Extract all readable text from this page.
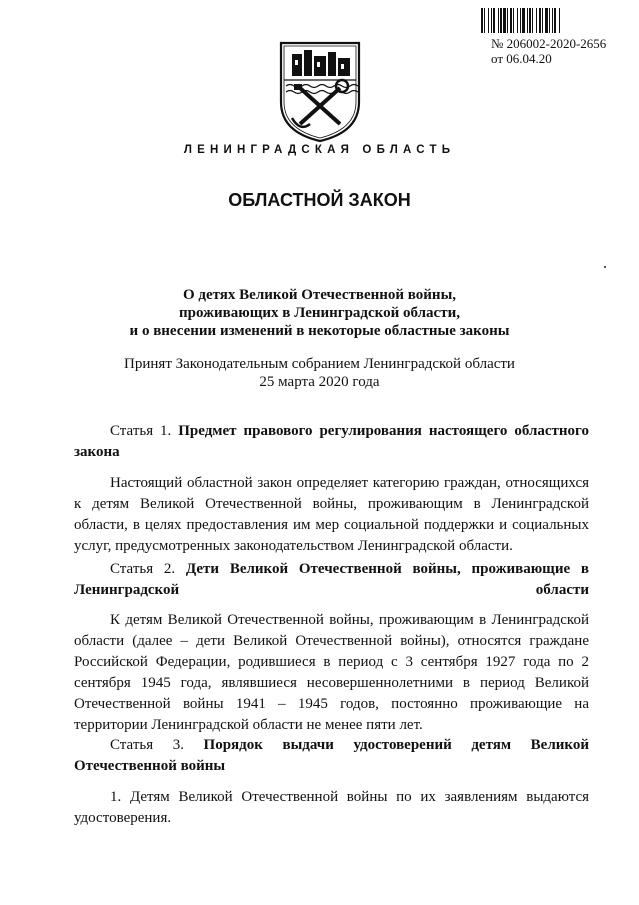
№ 206002-2020-2656
от 06.04.20
ЛЕНИНГРАДСКАЯ ОБЛАСТЬ
ОБЛАСТНОЙ ЗАКОН
О детях Великой Отечественной войны,
проживающих в Ленинградской области,
и о внесении изменений в некоторые областные законы
Принят Законодательным собранием Ленинградской области
25 марта 2020 года

Статья 1. Предмет правового регулирования настоящего областного закона

Настоящий областной закон определяет категорию граждан, относящихся к детям Великой Отечественной войны, проживающим в Ленинградской области, в целях предоставления им мер социальной поддержки и социальных услуг, предусмотренных законодательством Ленинградской области.

Статья 2. Дети Великой Отечественной войны, проживающие в Ленинградской области

К детям Великой Отечественной войны, проживающим в Ленинградской области (далее – дети Великой Отечественной войны), относятся граждане Российской Федерации, родившиеся в период с 3 сентября 1927 года по 2 сентября 1945 года, являвшиеся несовершеннолетними в период Великой Отечественной войны 1941 – 1945 годов, постоянно проживающие на территории Ленинградской области не менее пяти лет.

Статья 3. Порядок выдачи удостоверений детям Великой Отечественной войны

1. Детям Великой Отечественной войны по их заявлениям выдаются удостоверения.
